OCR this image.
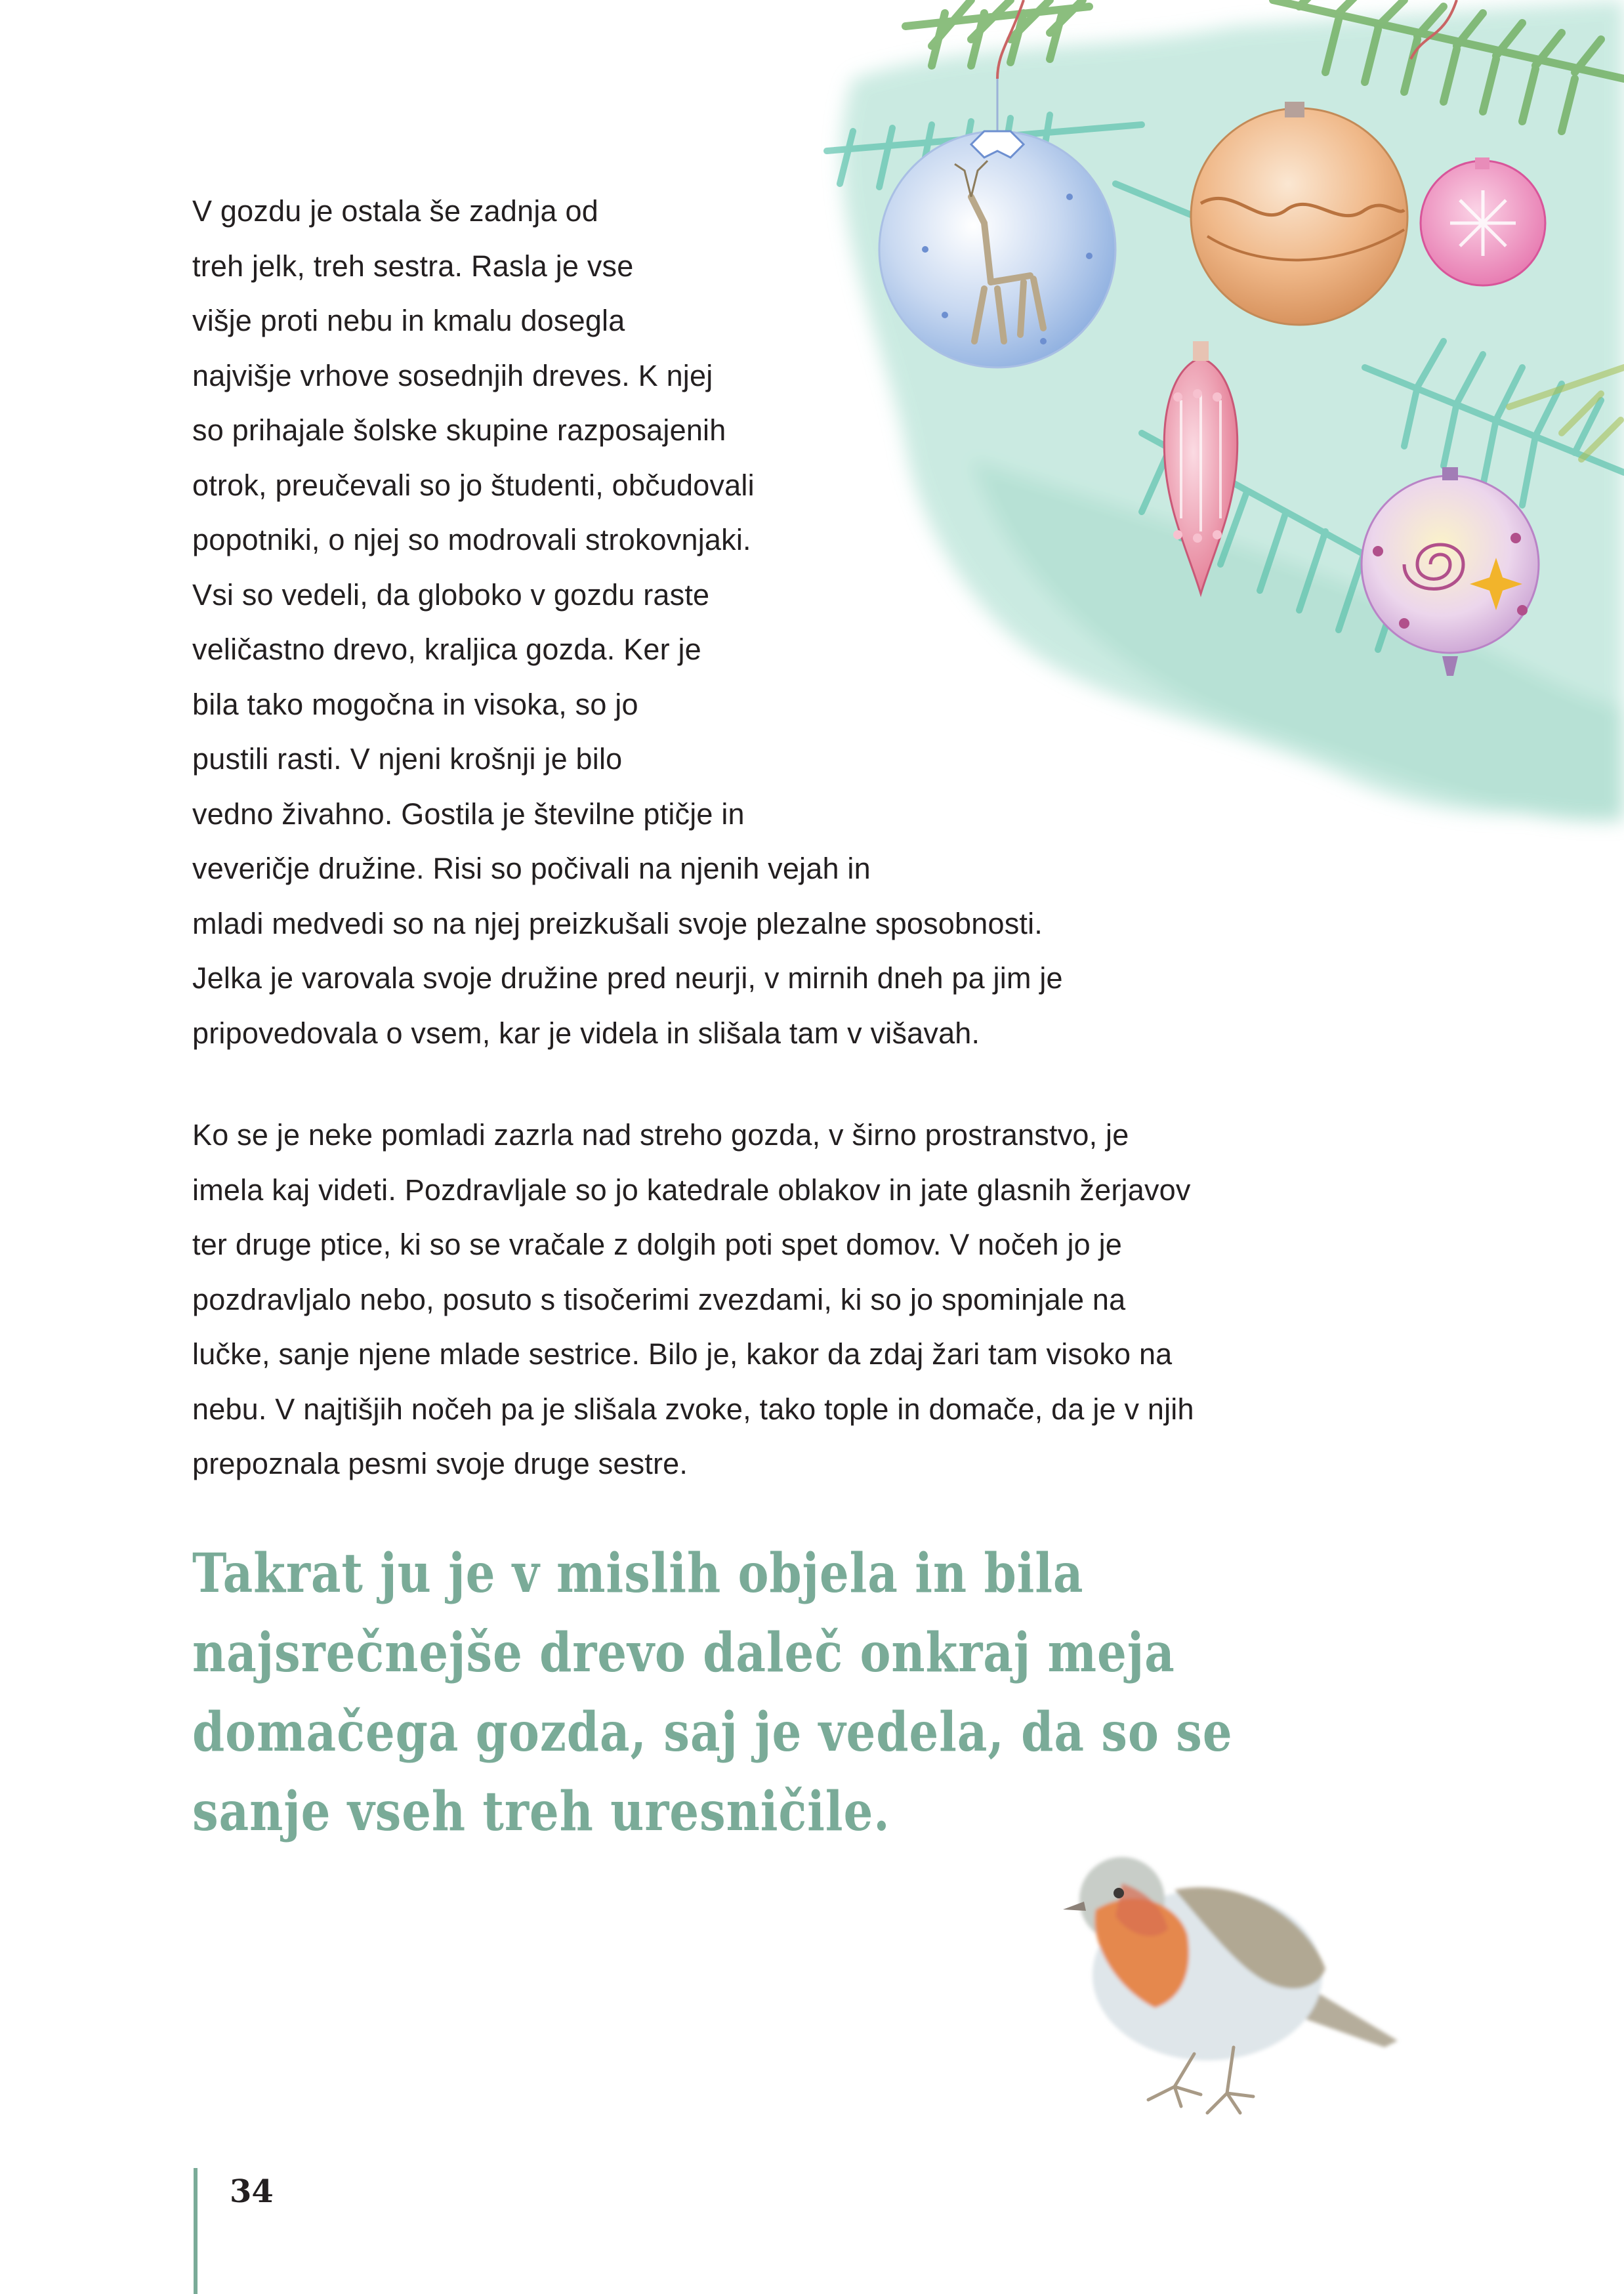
V gozdu je ostala še zadnja od
treh jelk, treh sestra. Rasla je vse
višje proti nebu in kmalu dosegla
najvišje vrhove sosednjih dreves. K njej
so prihajale šolske skupine razposajenih
otrok, preučevali so jo študenti, občudovali
popotniki, o njej so modrovali strokovnjaki.
Vsi so vedeli, da globoko v gozdu raste
veličastno drevo, kraljica gozda. Ker je
bila tako mogočna in visoka, so jo
pustili rasti. V njeni krošnji je bilo
vedno živahno. Gostila je številne ptičje in
veveričje družine. Risi so počivali na njenih vejah in
mladi medvedi so na njej preizkušali svoje plezalne sposobnosti.
Jelka je varovala svoje družine pred neurji, v mirnih dneh pa jim je
pripovedovala o vsem, kar je videla in slišala tam v višavah.

Ko se je neke pomladi zazrla nad streho gozda, v širno prostranstvo, je
imela kaj videti. Pozdravljale so jo katedrale oblakov in jate glasnih žerjavov
ter druge ptice, ki so se vračale z dolgih poti spet domov. V nočeh jo je
pozdravljalo nebo, posuto s tisočerimi zvezdami, ki so jo spominjale na
lučke, sanje njene mlade sestrice. Bilo je, kakor da zdaj žari tam visoko na
nebu. V najtišjih nočeh pa je slišala zvoke, tako tople in domače, da je v njih
prepoznala pesmi svoje druge sestre.

Takrat ju je v mislih objela in bila
najsrečnejše drevo daleč onkraj meja
domačega gozda, saj je vedela, da so se
sanje vseh treh uresničile.

34
